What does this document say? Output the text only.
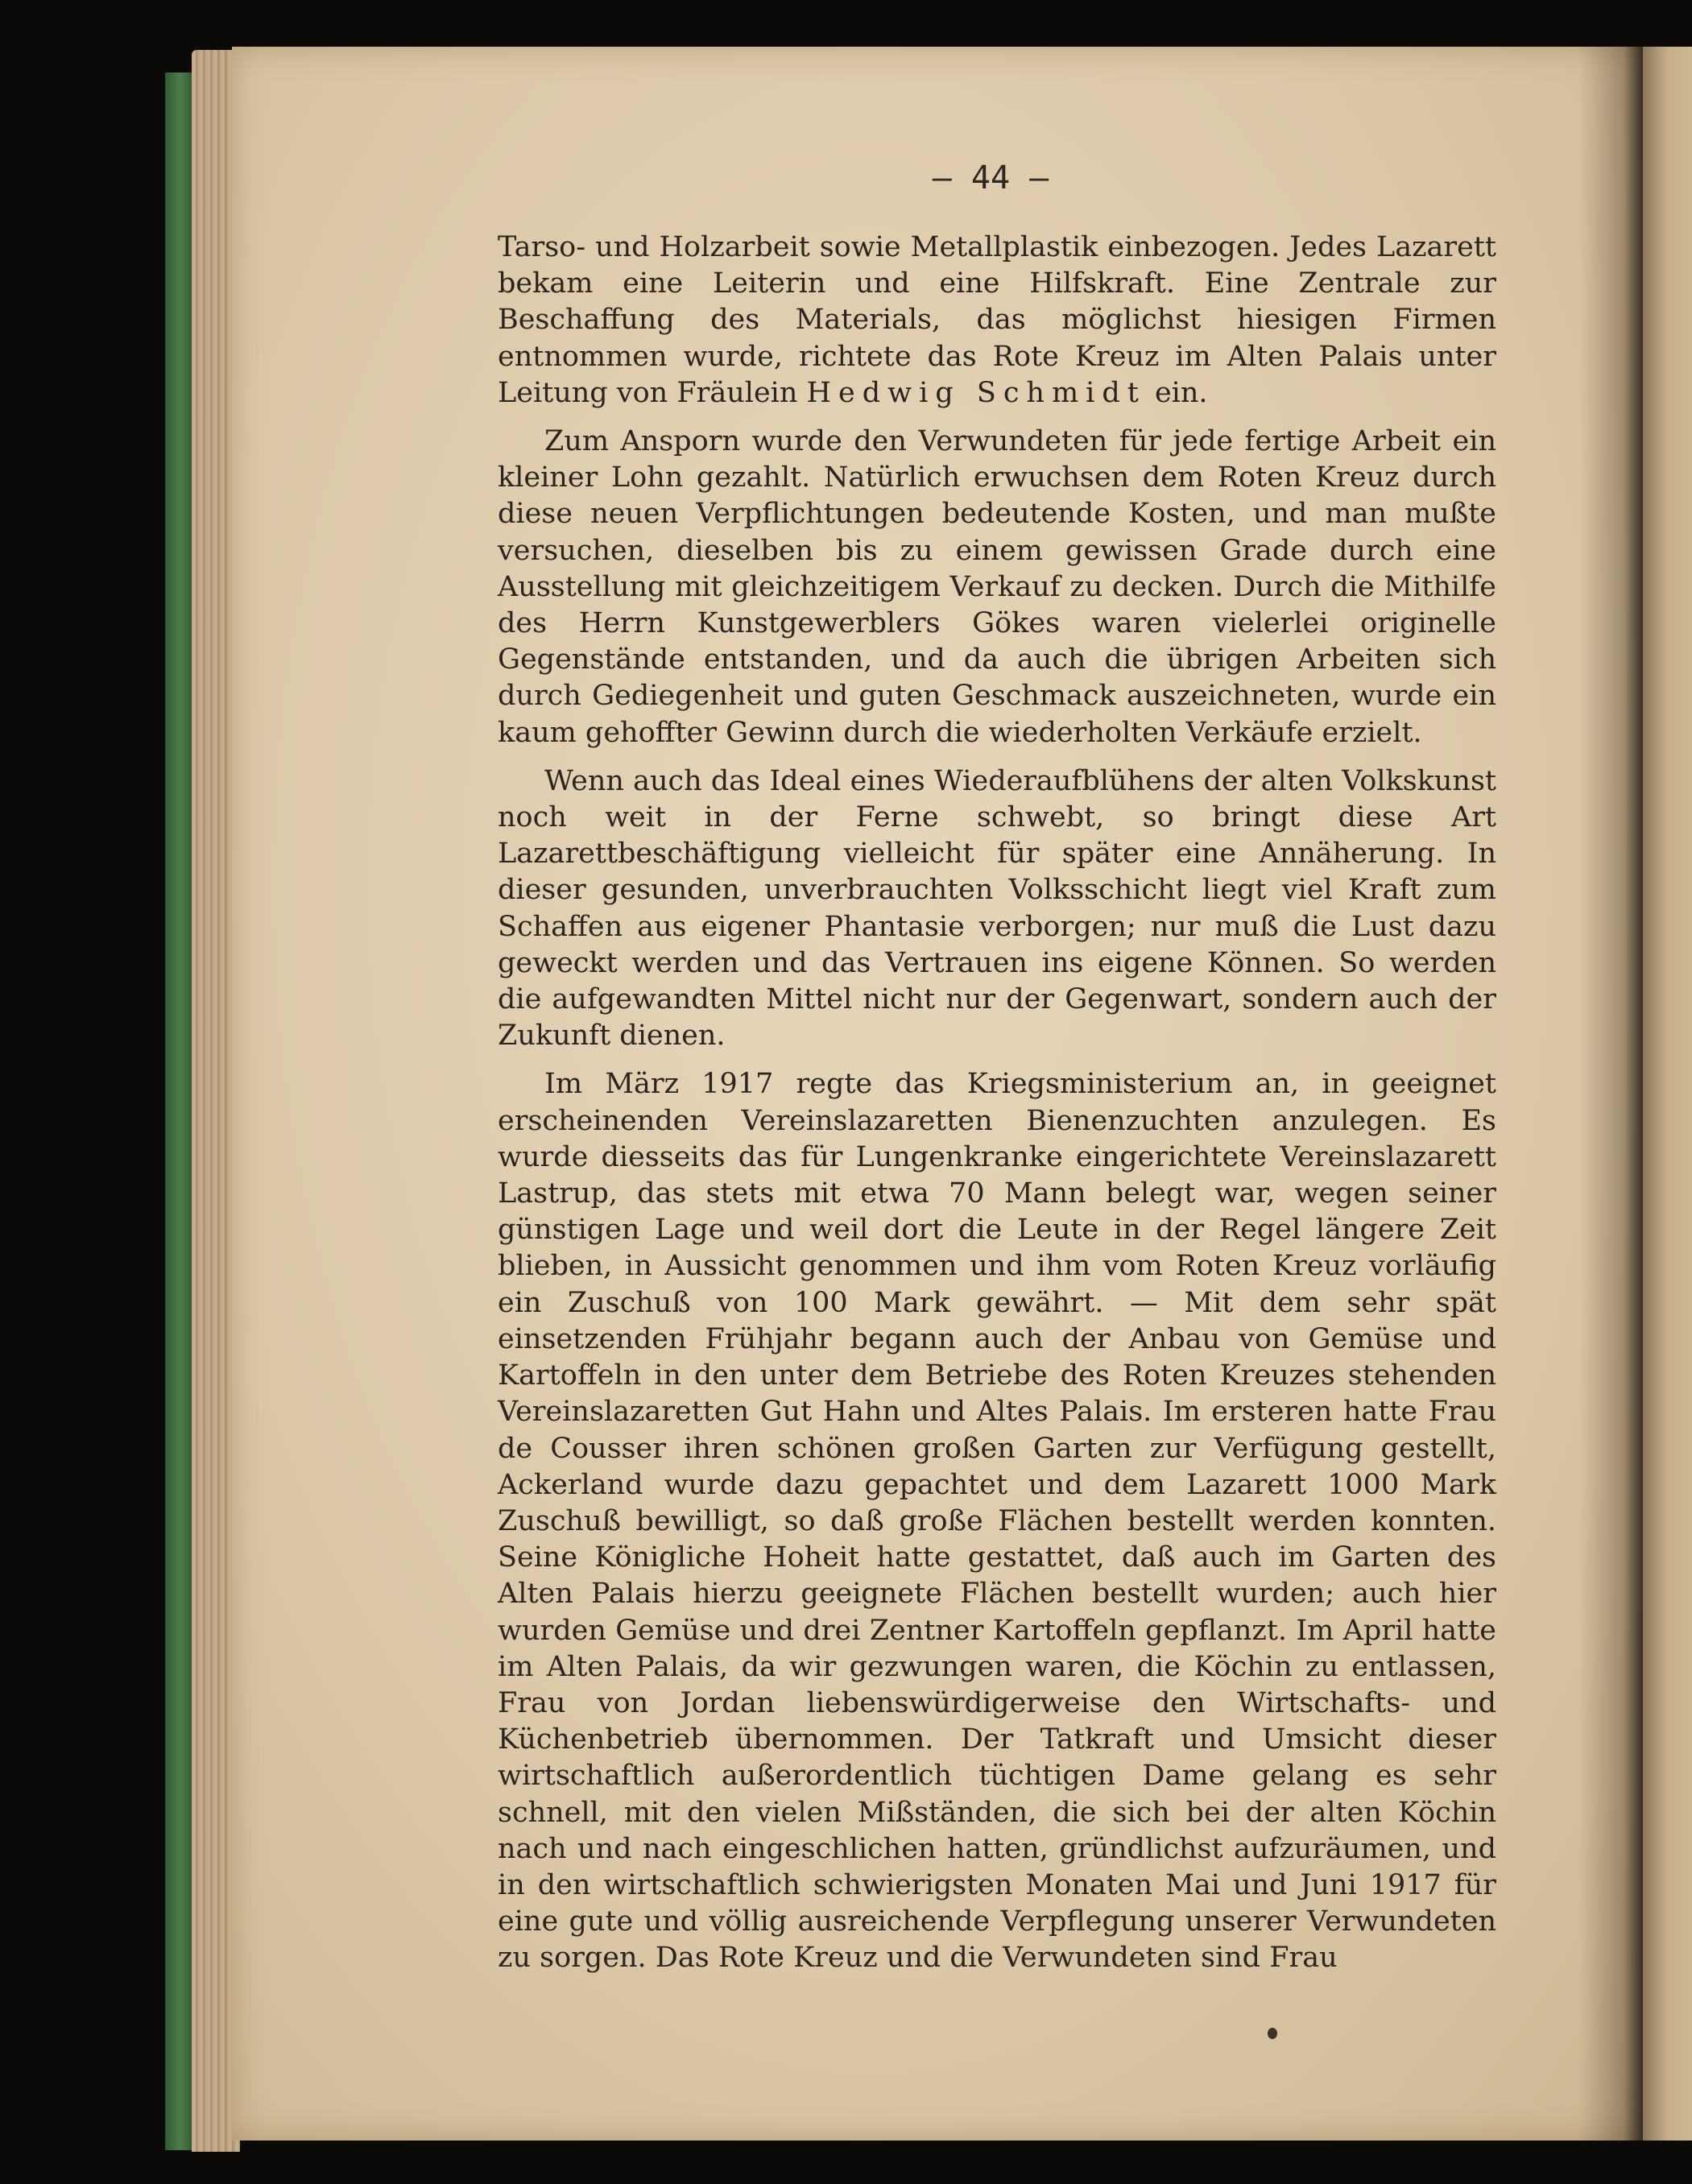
— 44 —

Tarso- und Holzarbeit sowie Metallplastik einbezogen. Jedes Lazarett bekam eine Leiterin und eine Hilfskraft. Eine Zentrale zur Beschaffung des Materials, das möglichst hiesigen Firmen entnommen wurde, richtete das Rote Kreuz im Alten Palais unter Leitung von Fräulein Hedwig Schmidt ein.

Zum Ansporn wurde den Verwundeten für jede fertige Arbeit ein kleiner Lohn gezahlt. Natürlich erwuchsen dem Roten Kreuz durch diese neuen Verpflichtungen bedeutende Kosten, und man mußte versuchen, dieselben bis zu einem gewissen Grade durch eine Ausstellung mit gleichzeitigem Verkauf zu decken. Durch die Mithilfe des Herrn Kunstgewerblers Gökes waren vielerlei originelle Gegenstände entstanden, und da auch die übrigen Arbeiten sich durch Gediegenheit und guten Geschmack auszeichneten, wurde ein kaum gehoffter Gewinn durch die wiederholten Verkäufe erzielt.

Wenn auch das Ideal eines Wiederaufblühens der alten Volkskunst noch weit in der Ferne schwebt, so bringt diese Art Lazarettbeschäftigung vielleicht für später eine Annäherung. In dieser gesunden, unverbrauchten Volksschicht liegt viel Kraft zum Schaffen aus eigener Phantasie verborgen; nur muß die Lust dazu geweckt werden und das Vertrauen ins eigene Können. So werden die aufgewandten Mittel nicht nur der Gegenwart, sondern auch der Zukunft dienen.

Im März 1917 regte das Kriegsministerium an, in geeignet erscheinenden Vereinslazaretten Bienenzuchten anzulegen. Es wurde diesseits das für Lungenkranke eingerichtete Vereinslazarett Lastrup, das stets mit etwa 70 Mann belegt war, wegen seiner günstigen Lage und weil dort die Leute in der Regel längere Zeit blieben, in Aussicht genommen und ihm vom Roten Kreuz vorläufig ein Zuschuß von 100 Mark gewährt. — Mit dem sehr spät einsetzenden Frühjahr begann auch der Anbau von Gemüse und Kartoffeln in den unter dem Betriebe des Roten Kreuzes stehenden Vereinslazaretten Gut Hahn und Altes Palais. Im ersteren hatte Frau de Cousser ihren schönen großen Garten zur Verfügung gestellt, Ackerland wurde dazu gepachtet und dem Lazarett 1000 Mark Zuschuß bewilligt, so daß große Flächen bestellt werden konnten. Seine Königliche Hoheit hatte gestattet, daß auch im Garten des Alten Palais hierzu geeignete Flächen bestellt wurden; auch hier wurden Gemüse und drei Zentner Kartoffeln gepflanzt. Im April hatte im Alten Palais, da wir gezwungen waren, die Köchin zu entlassen, Frau von Jordan liebenswürdigerweise den Wirtschafts- und Küchenbetrieb übernommen. Der Tatkraft und Umsicht dieser wirtschaftlich außerordentlich tüchtigen Dame gelang es sehr schnell, mit den vielen Mißständen, die sich bei der alten Köchin nach und nach eingeschlichen hatten, gründlichst aufzuräumen, und in den wirtschaftlich schwierigsten Monaten Mai und Juni 1917 für eine gute und völlig ausreichende Verpflegung unserer Verwundeten zu sorgen. Das Rote Kreuz und die Verwundeten sind Frau
